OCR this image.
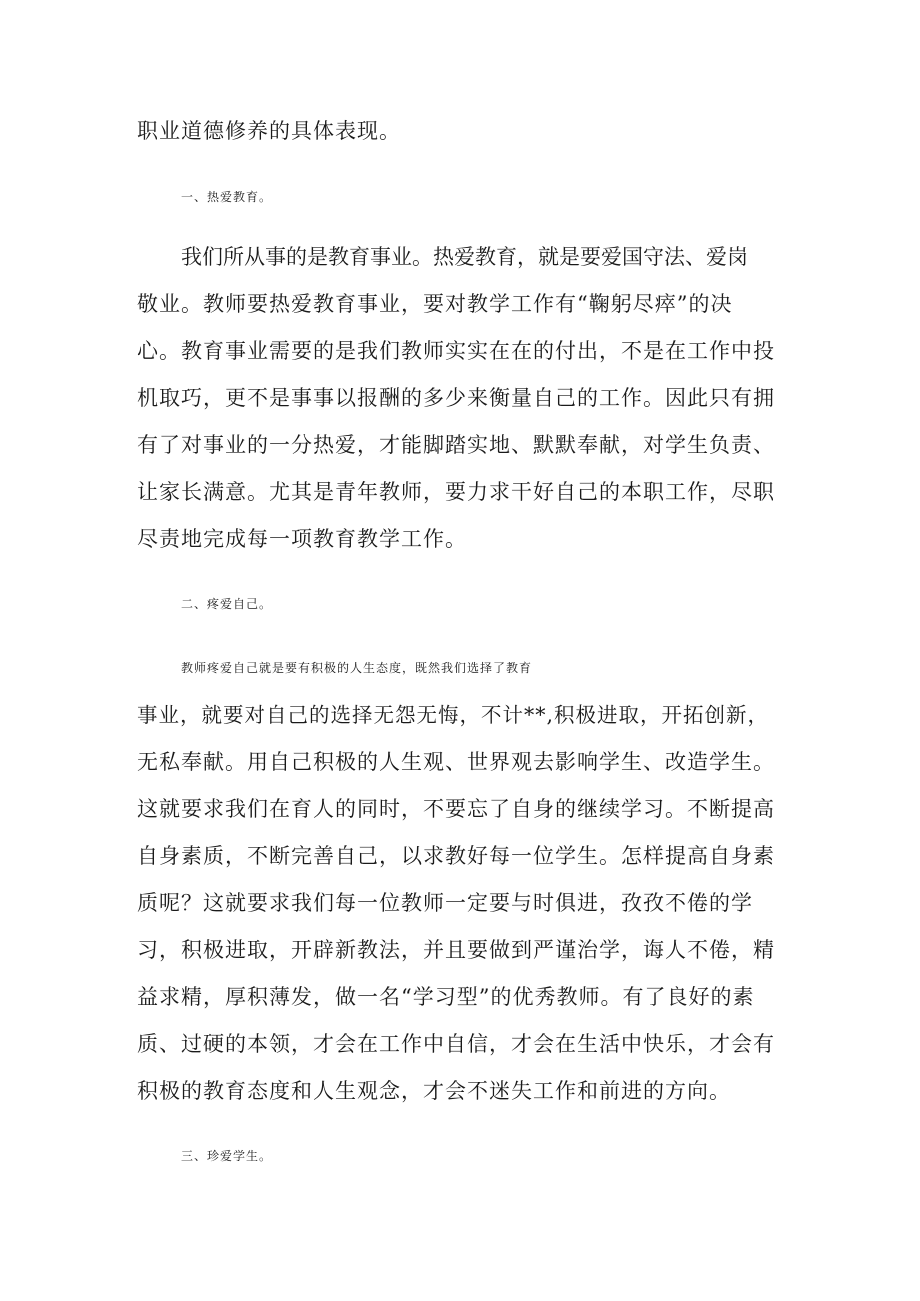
职业道德修养的具体表现。
一、热爱教育。
我们所从事的是教育事业。热爱教育，就是要爱国守法、爱岗
敬业。教师要热爱教育事业，要对教学工作有“鞠躬尽瘁”的决
心。教育事业需要的是我们教师实实在在的付出，不是在工作中投
机取巧，更不是事事以报酬的多少来衡量自己的工作。因此只有拥
有了对事业的一分热爱，才能脚踏实地、默默奉献，对学生负责、
让家长满意。尤其是青年教师，要力求干好自己的本职工作，尽职
尽责地完成每一项教育教学工作。
二、疼爱自己。
教师疼爱自己就是要有积极的人生态度，既然我们选择了教育
事业，就要对自己的选择无怨无悔，不计**,积极进取，开拓创新，
无私奉献。用自己积极的人生观、世界观去影响学生、改造学生。
这就要求我们在育人的同时，不要忘了自身的继续学习。不断提高
自身素质，不断完善自己，以求教好每一位学生。怎样提高自身素
质呢？这就要求我们每一位教师一定要与时俱进，孜孜不倦的学
习，积极进取，开辟新教法，并且要做到严谨治学，诲人不倦，精
益求精，厚积薄发，做一名“学习型”的优秀教师。有了良好的素
质、过硬的本领，才会在工作中自信，才会在生活中快乐，才会有
积极的教育态度和人生观念，才会不迷失工作和前进的方向。
三、珍爱学生。
